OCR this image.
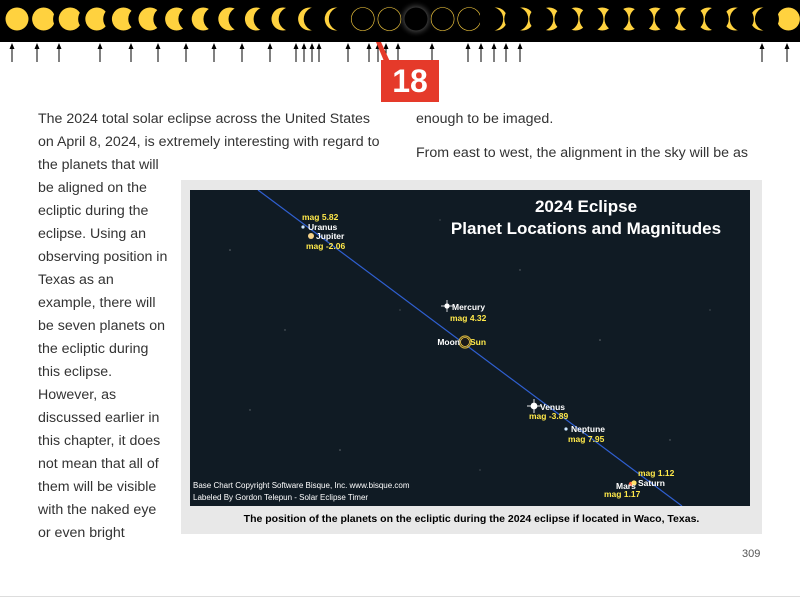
18
The 2024 total solar eclipse across the United States on April 8, 2024, is extremely interesting with regard to
the planets that will
be aligned on the
ecliptic during the
eclipse. Using an
observing position in
Texas as an
example, there will
be seven planets on
the ecliptic during
this eclipse.
However, as
discussed earlier in
this chapter, it does
not mean that all of
them will be visible
with the naked eye
or even bright
enough to be imaged.
From east to west, the alignment in the sky will be as
2024 Eclipse
Planet Locations and Magnitudes
mag 5.82
Uranus
Jupiter
mag -2.06
Mercury
mag 4.32
Moon Sun
Venus
mag -3.89
Neptune
mag 7.95
mag 1.12
Saturn
Mars
mag 1.17
Base Chart Copyright Software Bisque, Inc. www.bisque.com
Labeled By Gordon Telepun - Solar Eclipse Timer
The position of the planets on the ecliptic during the 2024 eclipse if located in Waco, Texas.
309
